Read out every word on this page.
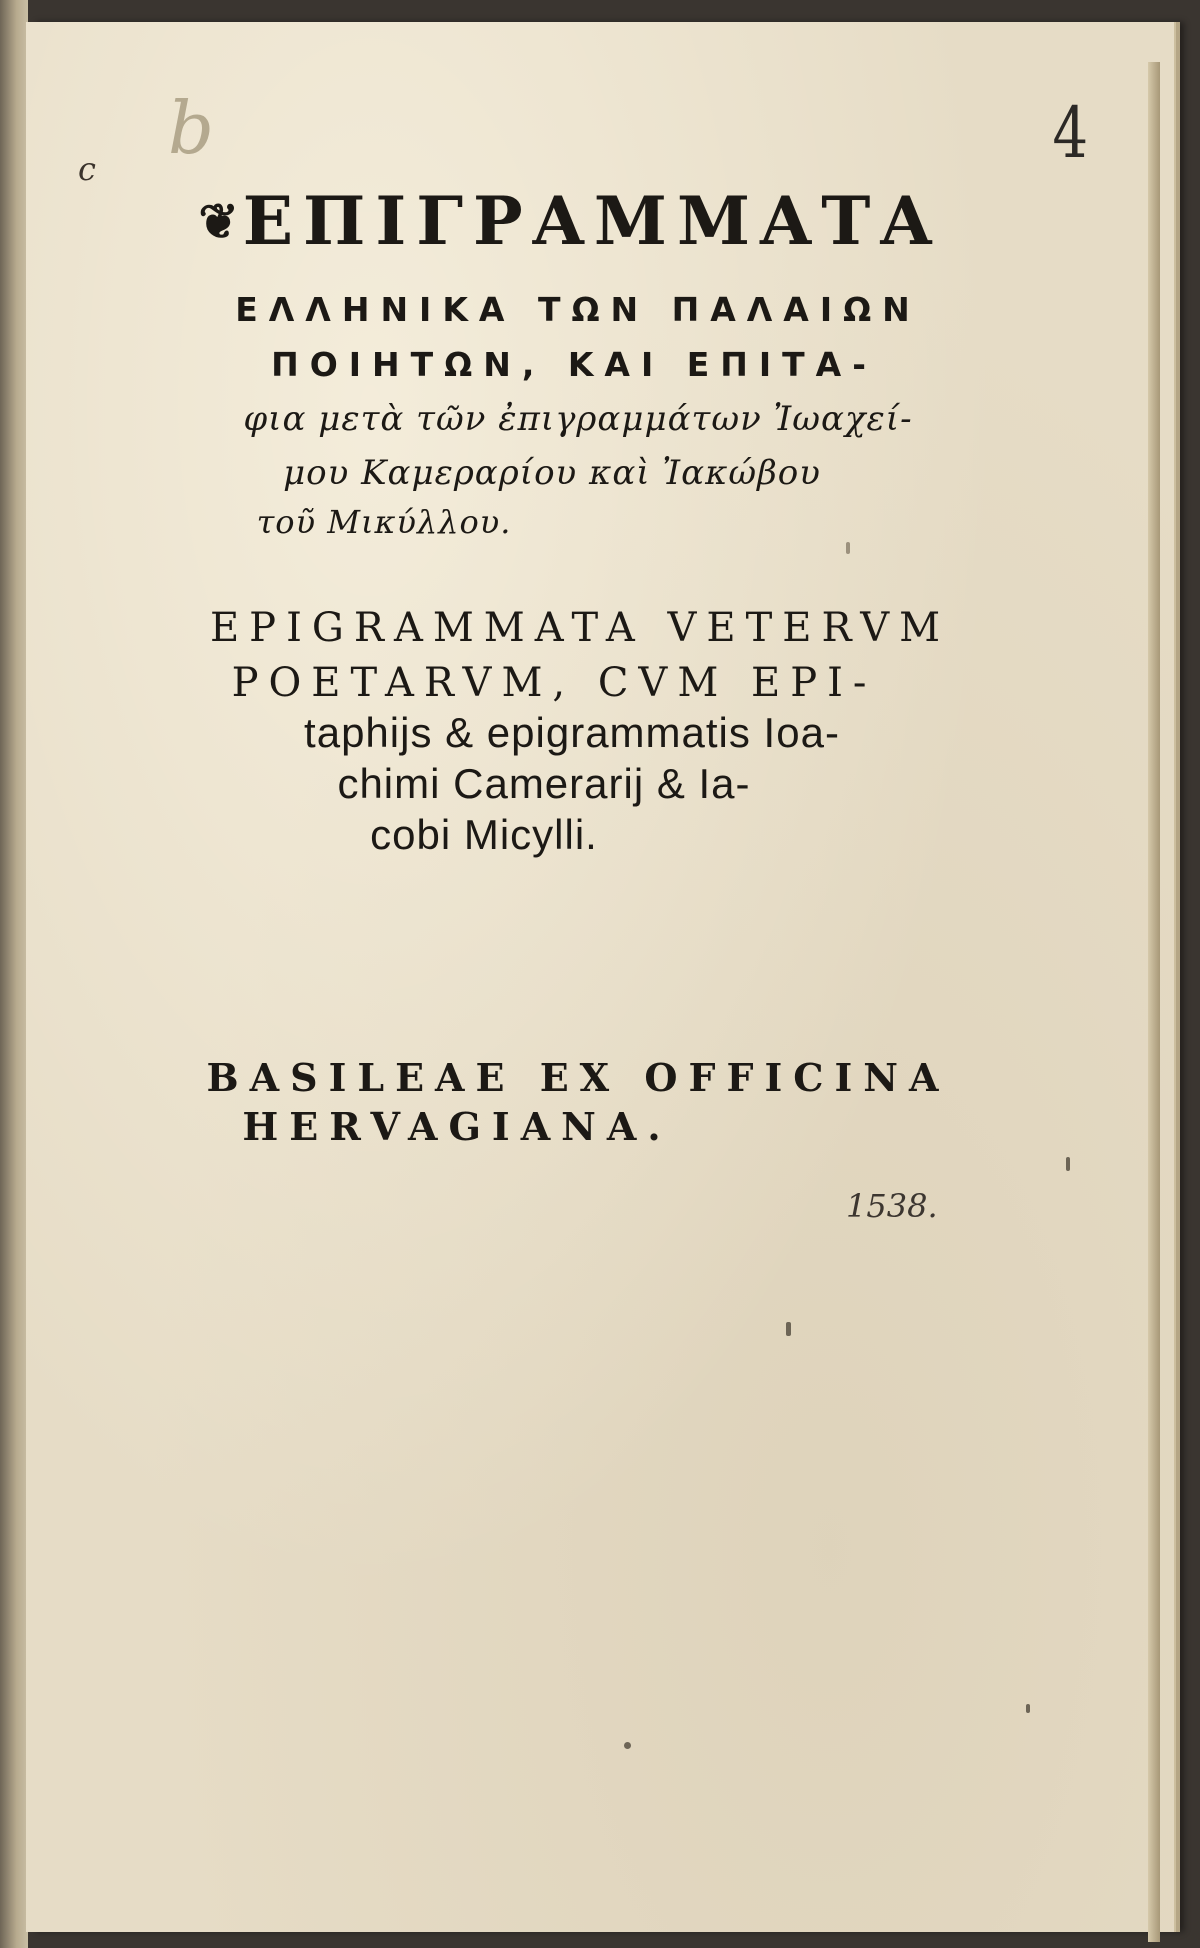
4
c b
❦ΕΠΙΓΡΑΜΜΑΤΑ
ΕΛΛΗΝΙΚΑ ΤΩΝ ΠΑΛΑΙΩΝ
ΠΟΙΗΤΩΝ, ΚΑΙ ΕΠΙΤΑ-
φια μετὰ τῶν ἐπιγραμμάτων Ἰωαχεί-
μου Καμεραρίου καὶ Ἰακώβου
τοῦ Μικύλλου.
EPIGRAMMATA VETERVM
POETARVM, CVM EPI-
taphijs & epigrammatis Ioa-
chimi Camerarij & Ia-
cobi Micylli.
BASILEAE EX OFFICINA
HERVAGIANA.
1538.
